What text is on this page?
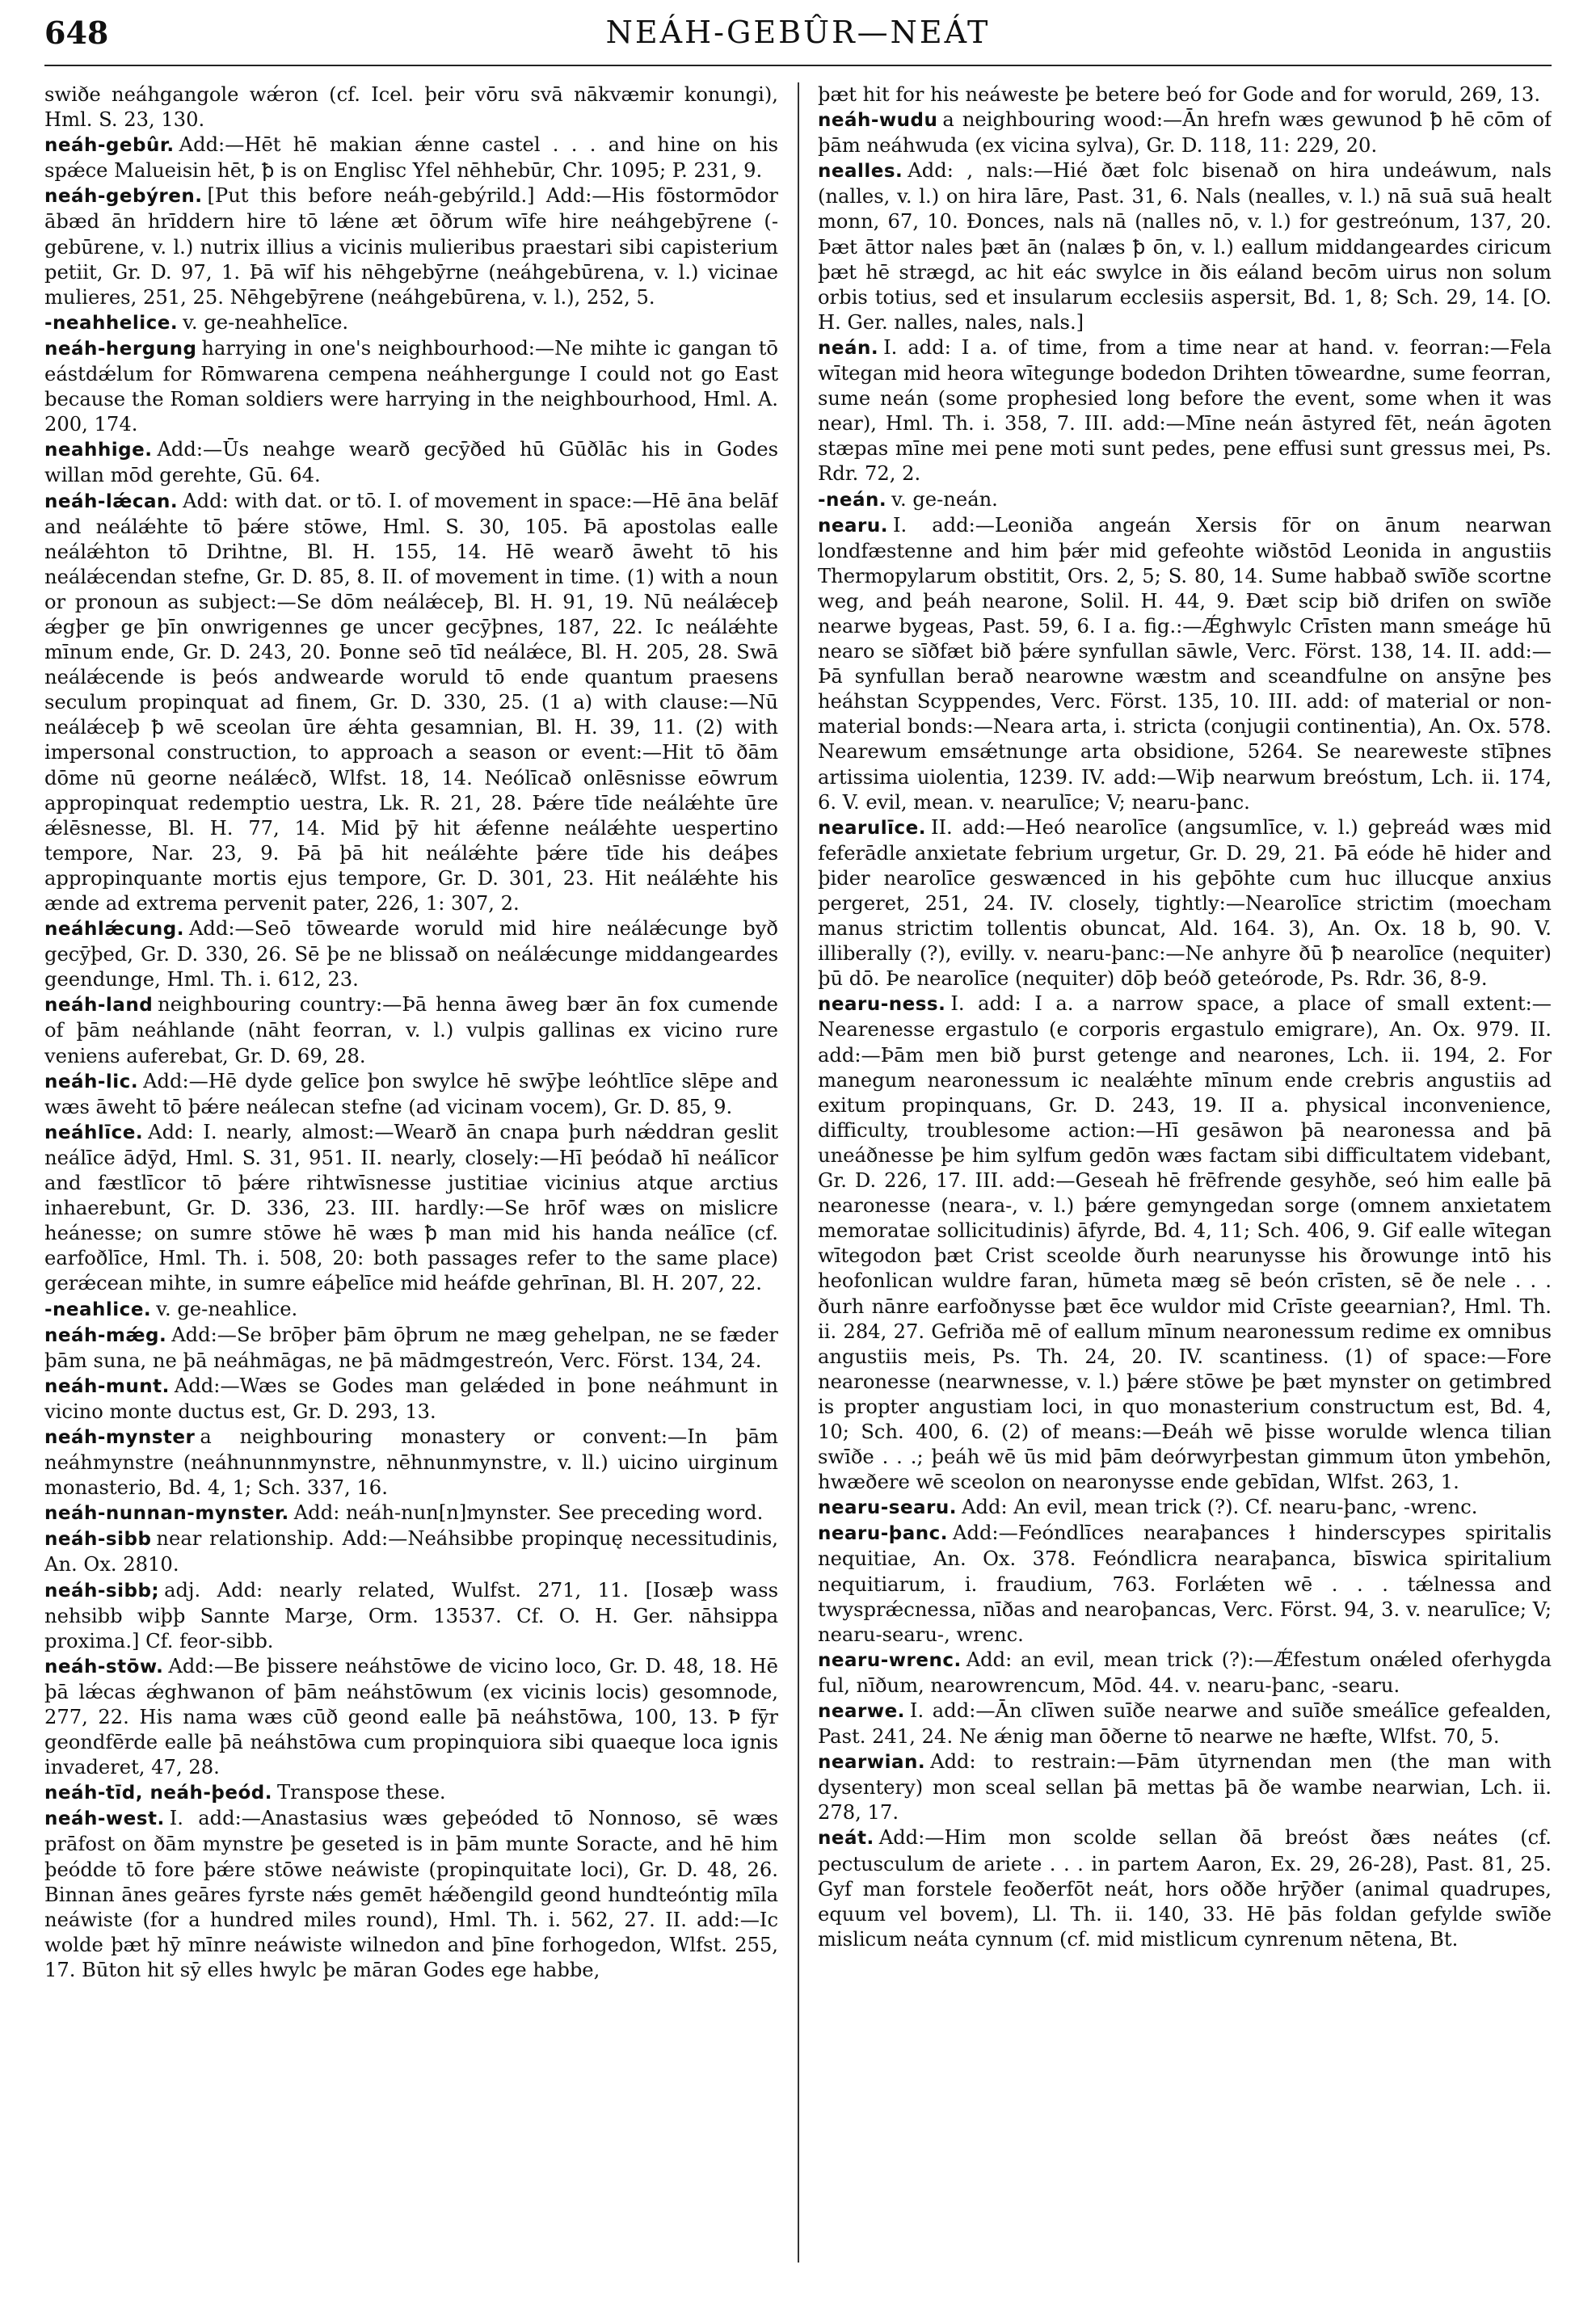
648	NEÁH-GEBÛR—NEÁT

swiðe neáhgangole wǽron (cf. Icel. þeir vōru svā nākvæmir konungi), Hml. S. 23, 130.

neáh-gebûr. Add:—Hēt hē makian ǽnne castel . . . and hine on his spǽce Malueisin hēt, ꝥ is on Englisc Yfel nēhhebūr, Chr. 1095; P. 231, 9.

neáh-gebýren. [Put this before neáh-gebýrild.] Add:—His fōstormōdor ābæd ān hrīddern hire tō lǽne æt ōðrum wīfe hire neáhgebȳrene (-gebūrene, v. l.) nutrix illius a vicinis mulieribus praestari sibi capisterium petiit, Gr. D. 97, 1. Þā wīf his nēhgebȳrne (neáhgebūrena, v. l.) vicinae mulieres, 251, 25. Nēhgebȳrene (neáhgebūrena, v. l.), 252, 5.

-neahhelice. v. ge-neahhelīce.

neáh-hergung harrying in one's neighbourhood:—Ne mihte ic gangan tō eástdǽlum for Rōmwarena cempena neáhhergunge I could not go East because the Roman soldiers were harrying in the neighbourhood, Hml. A. 200, 174.

neahhige. Add:—Ūs neahge wearð gecȳðed hū Gūðlāc his in Godes willan mōd gerehte, Gū. 64.

neáh-lǽcan. Add: with dat. or tō. I. of movement in space:—Hē āna belāf and neálǽhte tō þǽre stōwe, Hml. S. 30, 105. Þā apostolas ealle neálǽhton tō Drihtne, Bl. H. 155, 14. Hē wearð āweht tō his neálǽcendan stefne, Gr. D. 85, 8. II. of movement in time. (1) with a noun or pronoun as subject:—Se dōm neálǽceþ, Bl. H. 91, 19. Nū neálǽceþ ǽgþer ge þīn onwrigennes ge uncer gecȳþnes, 187, 22. Ic neálǽhte mīnum ende, Gr. D. 243, 20. Þonne seō tīd neálǽce, Bl. H. 205, 28. Swā neálǽcende is þeós andwearde woruld tō ende quantum praesens seculum propinquat ad finem, Gr. D. 330, 25. (1 a) with clause:—Nū neálǽceþ ꝥ wē sceolan ūre ǽhta gesamnian, Bl. H. 39, 11. (2) with impersonal construction, to approach a season or event:—Hit tō ðām dōme nū georne neálǽcð, Wlfst. 18, 14. Neólīcað onlēsnisse eōwrum appropinquat redemptio uestra, Lk. R. 21, 28. Þǽre tīde neálǽhte ūre ǽlēsnesse, Bl. H. 77, 14. Mid þȳ hit ǽfenne neálǽhte uespertino tempore, Nar. 23, 9. Þā þā hit neálǽhte þǽre tīde his deáþes appropinquante mortis ejus tempore, Gr. D. 301, 23. Hit neálǽhte his ænde ad extrema pervenit pater, 226, 1: 307, 2.

neáhlǽcung. Add:—Seō tōwearde woruld mid hire neálǽcunge byð gecȳþed, Gr. D. 330, 26. Sē þe ne blissað on neálǽcunge middangeardes geendunge, Hml. Th. i. 612, 23.

neáh-land neighbouring country:—Þā henna āweg bær ān fox cumende of þām neáhlande (nāht feorran, v. l.) vulpis gallinas ex vicino rure veniens auferebat, Gr. D. 69, 28.

neáh-lic. Add:—Hē dyde gelīce þon swylce hē swȳþe leóhtlīce slēpe and wæs āweht tō þǽre neálecan stefne (ad vicinam vocem), Gr. D. 85, 9.

neáhlīce. Add: I. nearly, almost:—Wearð ān cnapa þurh nǽddran geslit neálīce ādȳd, Hml. S. 31, 951. II. nearly, closely:—Hī þeódað hī neálīcor and fæstlīcor tō þǽre rihtwīsnesse justitiae vicinius atque arctius inhaerebunt, Gr. D. 336, 23. III. hardly:—Se hrōf wæs on mislicre heánesse; on sumre stōwe hē wæs ꝥ man mid his handa neálīce (cf. earfoðlīce, Hml. Th. i. 508, 20: both passages refer to the same place) gerǽcean mihte, in sumre eáþelīce mid heáfde gehrīnan, Bl. H. 207, 22.

-neahlice. v. ge-neahlice.

neáh-mǽg. Add:—Se brōþer þām ōþrum ne mæg gehelpan, ne se fæder þām suna, ne þā neáhmāgas, ne þā mādmgestreón, Verc. Först. 134, 24.

neáh-munt. Add:—Wæs se Godes man gelǽded in þone neáhmunt in vicino monte ductus est, Gr. D. 293, 13.

neáh-mynster a neighbouring monastery or convent:—In þām neáhmynstre (neáhnunnmynstre, nēhnunmynstre, v. ll.) uicino uirginum monasterio, Bd. 4, 1; Sch. 337, 16.

neáh-nunnan-mynster. Add: neáh-nun[n]mynster. See preceding word.

neáh-sibb near relationship. Add:—Neáhsibbe propinquę necessitudinis, An. Ox. 2810.

neáh-sibb; adj. Add: nearly related, Wulfst. 271, 11. [Iosæþ wass nehsibb wiþþ Sannte Marȝe, Orm. 13537. Cf. O. H. Ger. nāhsippa proxima.] Cf. feor-sibb.

neáh-stōw. Add:—Be þissere neáhstōwe de vicino loco, Gr. D. 48, 18. Hē þā lǽcas ǽghwanon of þām neáhstōwum (ex vicinis locis) gesomnode, 277, 22. His nama wæs cūð geond ealle þā neáhstōwa, 100, 13. Ꝥ fȳr geondfērde ealle þā neáhstōwa cum propinquiora sibi quaeque loca ignis invaderet, 47, 28.

neáh-tīd, neáh-þeód. Transpose these.

neáh-west. I. add:—Anastasius wæs geþeóded tō Nonnoso, sē wæs prāfost on ðām mynstre þe geseted is in þām munte Soracte, and hē him þeódde tō fore þǽre stōwe neáwiste (propinquitate loci), Gr. D. 48, 26. Binnan ānes geāres fyrste nǽs gemēt hǽðengild geond hundteóntig mīla neáwiste (for a hundred miles round), Hml. Th. i. 562, 27. II. add:—Ic wolde þæt hȳ mīnre neáwiste wilnedon and þīne forhogedon, Wlfst. 255, 17. Būton hit sȳ elles hwylc þe māran Godes ege habbe,

þæt hit for his neáweste þe betere beó for Gode and for woruld, 269, 13.

neáh-wudu a neighbouring wood:—Ān hrefn wæs gewunod ꝥ hē cōm of þām neáhwuda (ex vicina sylva), Gr. D. 118, 11: 229, 20.

nealles. Add: , nals:—Hié ðæt folc bisenað on hira undeáwum, nals (nalles, v. l.) on hira lāre, Past. 31, 6. Nals (nealles, v. l.) nā suā suā healt monn, 67, 10. Ðonces, nals nā (nalles nō, v. l.) for gestreónum, 137, 20. Þæt āttor nales þæt ān (nalæs ꝥ ōn, v. l.) eallum middangeardes ciricum þæt hē strægd, ac hit eác swylce in ðis eáland becōm uirus non solum orbis totius, sed et insularum ecclesiis aspersit, Bd. 1, 8; Sch. 29, 14. [O. H. Ger. nalles, nales, nals.]

neán. I. add: I a. of time, from a time near at hand. v. feorran:—Fela wītegan mid heora wītegunge bodedon Drihten tōweardne, sume feorran, sume neán (some prophesied long before the event, some when it was near), Hml. Th. i. 358, 7. III. add:—Mīne neán āstyred fēt, neán āgoten stæpas mīne mei pene moti sunt pedes, pene effusi sunt gressus mei, Ps. Rdr. 72, 2.

-neán. v. ge-neán.

nearu. I. add:—Leoniða angeán Xersis fōr on ānum nearwan londfæstenne and him þǽr mid gefeohte wiðstōd Leonida in angustiis Thermopylarum obstitit, Ors. 2, 5; S. 80, 14. Sume habbað swīðe scortne weg, and þeáh nearone, Solil. H. 44, 9. Ðæt scip bið drifen on swīðe nearwe bygeas, Past. 59, 6. I a. fig.:—Ǽghwylc Crīsten mann smeáge hū nearo se sīðfæt bið þǽre synfullan sāwle, Verc. Först. 138, 14. II. add:—Þā synfullan berað nearowne wæstm and sceandfulne on ansȳne þes heáhstan Scyppendes, Verc. Först. 135, 10. III. add: of material or non-material bonds:—Neara arta, i. stricta (conjugii continentia), An. Ox. 578. Nearewum emsǽtnunge arta obsidione, 5264. Se neareweste stīþnes artissima uiolentia, 1239. IV. add:—Wiþ nearwum breóstum, Lch. ii. 174, 6. V. evil, mean. v. nearulīce; V; nearu-þanc.

nearulīce. II. add:—Heó nearolīce (angsumlīce, v. l.) geþreád wæs mid feferādle anxietate febrium urgetur, Gr. D. 29, 21. Þā eóde hē hider and þider nearolīce geswænced in his geþōhte cum huc illucque anxius pergeret, 251, 24. IV. closely, tightly:—Nearolīce strictim (moecham manus strictim tollentis obuncat, Ald. 164. 3), An. Ox. 18 b, 90. V. illiberally (?), evilly. v. nearu-þanc:—Ne anhyre ðū ꝥ nearolīce (nequiter) þū dō. Þe nearolīce (nequiter) dōþ beóð geteórode, Ps. Rdr. 36, 8-9.

nearu-ness. I. add: I a. a narrow space, a place of small extent:—Nearenesse ergastulo (e corporis ergastulo emigrare), An. Ox. 979. II. add:—Þām men bið þurst getenge and nearones, Lch. ii. 194, 2. For manegum nearonessum ic nealǽhte mīnum ende crebris angustiis ad exitum propinquans, Gr. D. 243, 19. II a. physical inconvenience, difficulty, troublesome action:—Hī gesāwon þā nearonessa and þā uneáðnesse þe him sylfum gedōn wæs factam sibi difficultatem videbant, Gr. D. 226, 17. III. add:—Geseah hē frēfrende gesyhðe, seó him ealle þā nearonesse (neara-, v. l.) þǽre gemyngedan sorge (omnem anxietatem memoratae sollicitudinis) āfyrde, Bd. 4, 11; Sch. 406, 9. Gif ealle wītegan wītegodon þæt Crist sceolde ðurh nearunysse his ðrowunge intō his heofonlican wuldre faran, hūmeta mæg sē beón crīsten, sē ðe nele . . . ðurh nānre earfoðnysse þæt ēce wuldor mid Crīste geearnian?, Hml. Th. ii. 284, 27. Gefriða mē of eallum mīnum nearonessum redime ex omnibus angustiis meis, Ps. Th. 24, 20. IV. scantiness. (1) of space:—Fore nearonesse (nearwnesse, v. l.) þǽre stōwe þe þæt mynster on getimbred is propter angustiam loci, in quo monasterium constructum est, Bd. 4, 10; Sch. 400, 6. (2) of means:—Ðeáh wē þisse worulde wlenca tilian swīðe . . .; þeáh wē ūs mid þām deórwyrþestan gimmum ūton ymbehōn, hwæðere wē sceolon on nearonysse ende gebīdan, Wlfst. 263, 1.

nearu-searu. Add: An evil, mean trick (?). Cf. nearu-þanc, -wrenc.

nearu-þanc. Add:—Feóndlīces nearaþances ł hinderscypes spiritalis nequitiae, An. Ox. 378. Feóndlicra nearaþanca, bīswica spiritalium nequitiarum, i. fraudium, 763. Forlǽten wē . . . tǽlnessa and twysprǽcnessa, nīðas and nearoþancas, Verc. Först. 94, 3. v. nearulīce; V; nearu-searu-, wrenc.

nearu-wrenc. Add: an evil, mean trick (?):—Ǽfestum onǽled oferhygda ful, nīðum, nearowrencum, Mōd. 44. v. nearu-þanc, -searu.

nearwe. I. add:—Ān clīwen suīðe nearwe and suīðe smeálīce gefealden, Past. 241, 24. Ne ǽnig man ōðerne tō nearwe ne hæfte, Wlfst. 70, 5.

nearwian. Add: to restrain:—Þām ūtyrnendan men (the man with dysentery) mon sceal sellan þā mettas þā ðe wambe nearwian, Lch. ii. 278, 17.

neát. Add:—Him mon scolde sellan ðā breóst ðæs neátes (cf. pectusculum de ariete . . . in partem Aaron, Ex. 29, 26-28), Past. 81, 25. Gyf man forstele feoðerfōt neát, hors oððe hrȳðer (animal quadrupes, equum vel bovem), Ll. Th. ii. 140, 33. Hē þās foldan gefylde swīðe mislicum neáta cynnum (cf. mid mistlicum cynrenum nētena, Bt.
